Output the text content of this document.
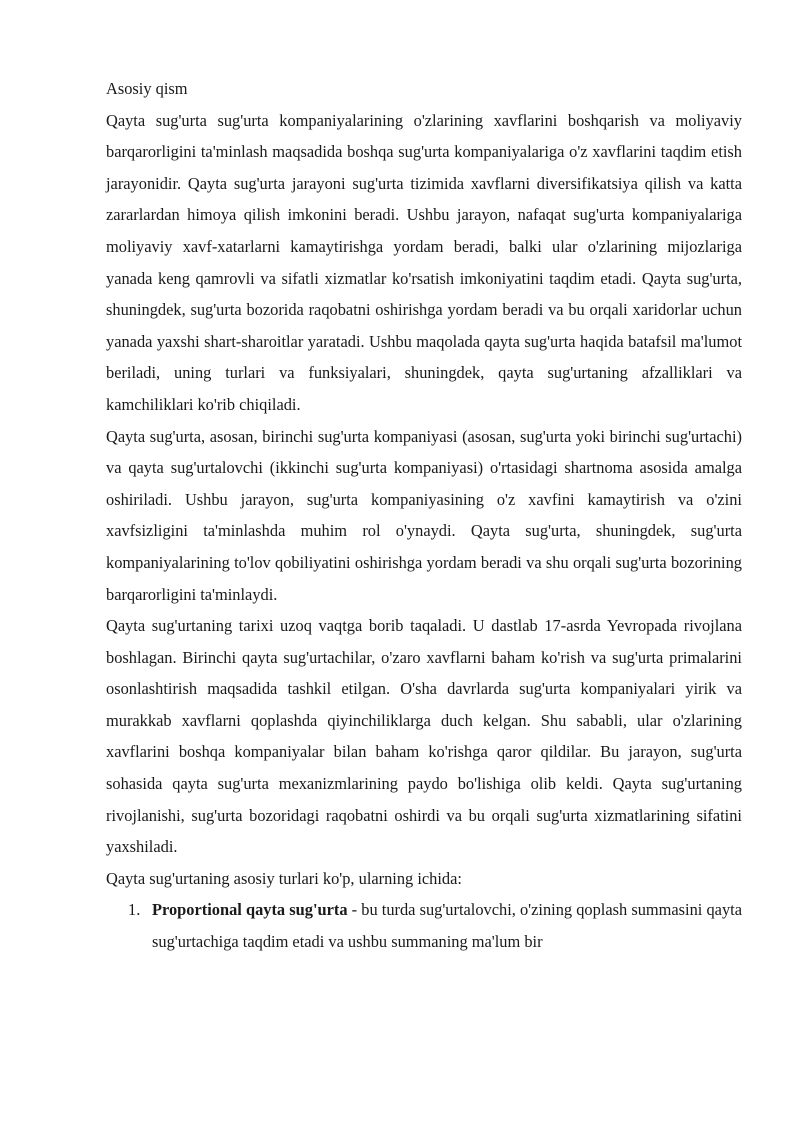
Asosiy qism

Qayta sug'urta sug'urta kompaniyalarining o'zlarining xavflarini boshqarish va moliyaviy barqarorligini ta'minlash maqsadida boshqa sug'urta kompaniyalariga o'z xavflarini taqdim etish jarayonidir. Qayta sug'urta jarayoni sug'urta tizimida xavflarni diversifikatsiya qilish va katta zararlardan himoya qilish imkonini beradi. Ushbu jarayon, nafaqat sug'urta kompaniyalariga moliyaviy xavf-xatarlarni kamaytirishga yordam beradi, balki ular o'zlarining mijozlariga yanada keng qamrovli va sifatli xizmatlar ko'rsatish imkoniyatini taqdim etadi. Qayta sug'urta, shuningdek, sug'urta bozorida raqobatni oshirishga yordam beradi va bu orqali xaridorlar uchun yanada yaxshi shart-sharoitlar yaratadi. Ushbu maqolada qayta sug'urta haqida batafsil ma'lumot beriladi, uning turlari va funksiyalari, shuningdek, qayta sug'urtaning afzalliklari va kamchiliklari ko'rib chiqiladi.

Qayta sug'urta, asosan, birinchi sug'urta kompaniyasi (asosan, sug'urta yoki birinchi sug'urtachi) va qayta sug'urtalovchi (ikkinchi sug'urta kompaniyasi) o'rtasidagi shartnoma asosida amalga oshiriladi. Ushbu jarayon, sug'urta kompaniyasining o'z xavfini kamaytirish va o'zini xavfsizligini ta'minlashda muhim rol o'ynaydi. Qayta sug'urta, shuningdek, sug'urta kompaniyalarining to'lov qobiliyatini oshirishga yordam beradi va shu orqali sug'urta bozorining barqarorligini ta'minlaydi.

Qayta sug'urtaning tarixi uzoq vaqtga borib taqaladi. U dastlab 17-asrda Yevropada rivojlana boshlagan. Birinchi qayta sug'urtachilar, o'zaro xavflarni baham ko'rish va sug'urta primalarini osonlashtirish maqsadida tashkil etilgan. O'sha davrlarda sug'urta kompaniyalari yirik va murakkab xavflarni qoplashda qiyinchiliklarga duch kelgan. Shu sababli, ular o'zlarining xavflarini boshqa kompaniyalar bilan baham ko'rishga qaror qildilar. Bu jarayon, sug'urta sohasida qayta sug'urta mexanizmlarining paydo bo'lishiga olib keldi. Qayta sug'urtaning rivojlanishi, sug'urta bozoridagi raqobatni oshirdi va bu orqali sug'urta xizmatlarining sifatini yaxshiladi.

Qayta sug'urtaning asosiy turlari ko'p, ularning ichida:

1. Proportional qayta sug'urta - bu turda sug'urtalovchi, o'zining qoplash summasini qayta sug'urtachiga taqdim etadi va ushbu summaning ma'lum bir
